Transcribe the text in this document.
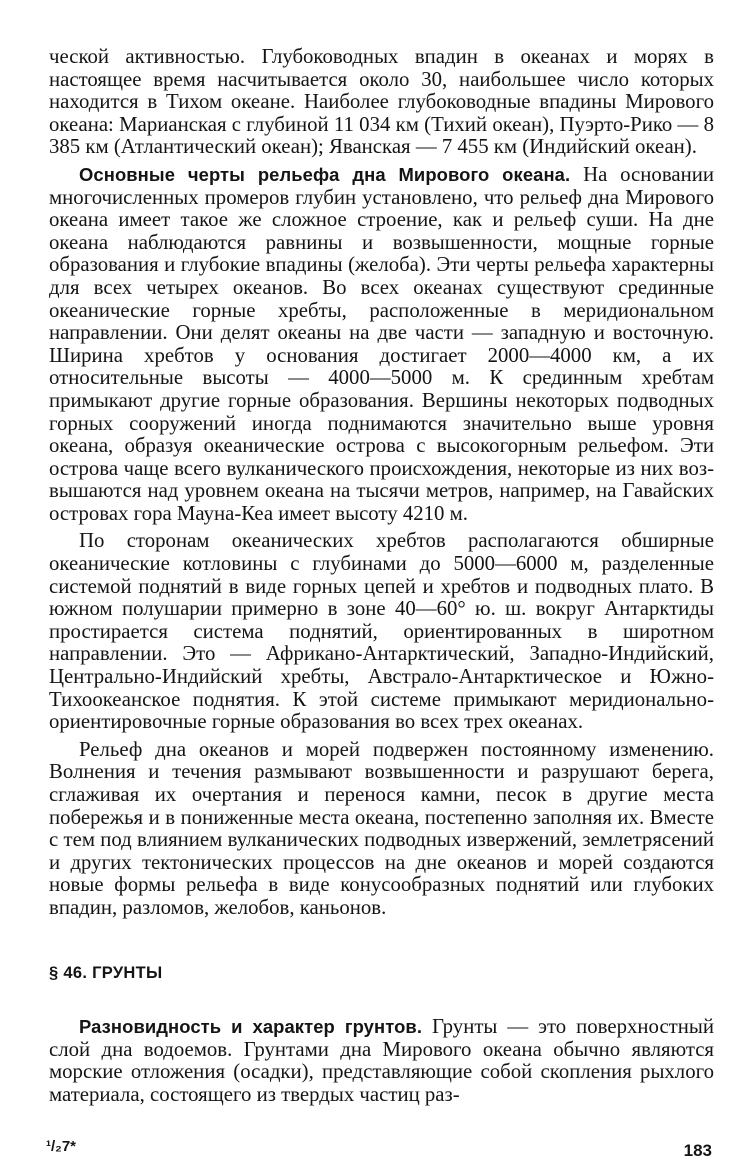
ческой активностью. Глубоководных впадин в океанах и морях в настоящее время насчитывается около 30, наибольшее число которых находится в Тихом океане. Наиболее глубоководные впадины Мирового океана: Марианская с глубиной 11 034 км (Тихий океан), Пуэрто-Рико — 8 385 км (Атлантический океан); Яванская — 7 455 км (Индийский океан).

Основные черты рельефа дна Мирового океана. На основании многочисленных промеров глубин установлено, что рельеф дна Мирового океана имеет такое же сложное строение, как и рельеф суши. На дне океана наблюдаются равнины и возвышенности, мощные горные образования и глубокие впадины (желоба). Эти черты рельефа характерны для всех четырех океанов. Во всех океанах существуют срединные океанические горные хребты, расположенные в меридиональном направлении. Они делят океаны на две части — западную и восточную. Ширина хребтов у основания достигает 2000—4000 км, а их относительные высоты — 4000—5000 м. К срединным хребтам примыкают другие горные образования. Вершины некоторых подводных горных сооружений иногда поднимаются значительно выше уровня океана, образуя океанические острова с высокогорным рельефом. Эти острова чаще всего вулканического происхождения, некоторые из них возвышаются над уровнем океана на тысячи метров, например, на Гавайских островах гора Мауна-Кеа имеет высоту 4210 м.

По сторонам океанических хребтов располагаются обширные океанические котловины с глубинами до 5000—6000 м, разделенные системой поднятий в виде горных цепей и хребтов и подводных плато. В южном полушарии примерно в зоне 40—60° ю. ш. вокруг Антарктиды простирается система поднятий, ориентированных в широтном направлении. Это — Африкано-Антарктический, Западно-Индийский, Центрально-Индийский хребты, Австрало-Антарктическое и Южно-Тихоокеанское поднятия. К этой системе примыкают меридионально-ориентировочные горные образования во всех трех океанах.

Рельеф дна океанов и морей подвержен постоянному изменению. Волнения и течения размывают возвышенности и разрушают берега, сглаживая их очертания и перенося камни, песок в другие места побережья и в пониженные места океана, постепенно заполняя их. Вместе с тем под влиянием вулканических подводных извержений, землетрясений и других тектонических процессов на дне океанов и морей создаются новые формы рельефа в виде конусообразных поднятий или глубоких впадин, разломов, желобов, каньонов.

§ 46. ГРУНТЫ

Разновидность и характер грунтов. Грунты — это поверхностный слой дна водоемов. Грунтами дна Мирового океана обычно являются морские отложения (осадки), представляющие собой скопления рыхлого материала, состоящего из твердых частиц раз-

¹/₂7*	183
